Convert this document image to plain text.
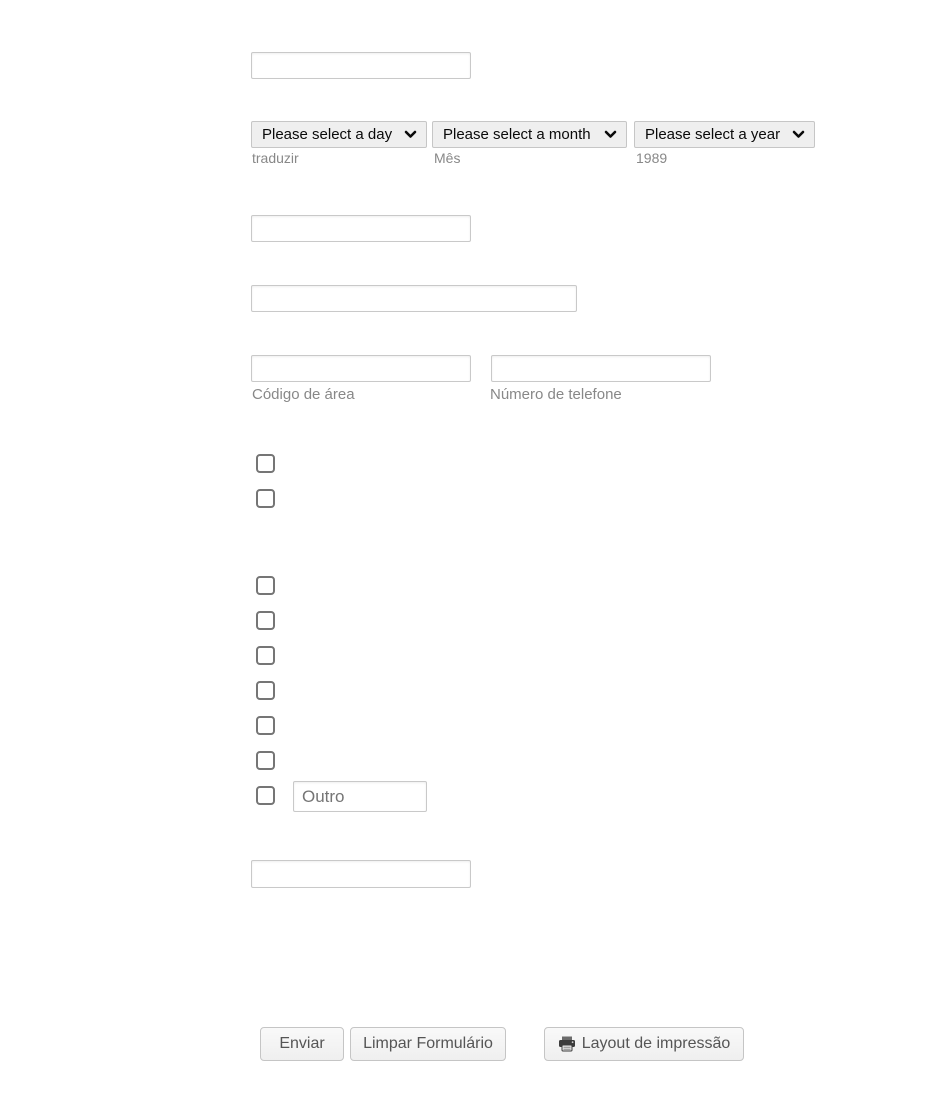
Please select a day	Please select a month	Please select a year
traduzir	Mês	1989
Código de área	Número de telefone
Outro
Enviar Limpar Formulário	Layout de impressão
